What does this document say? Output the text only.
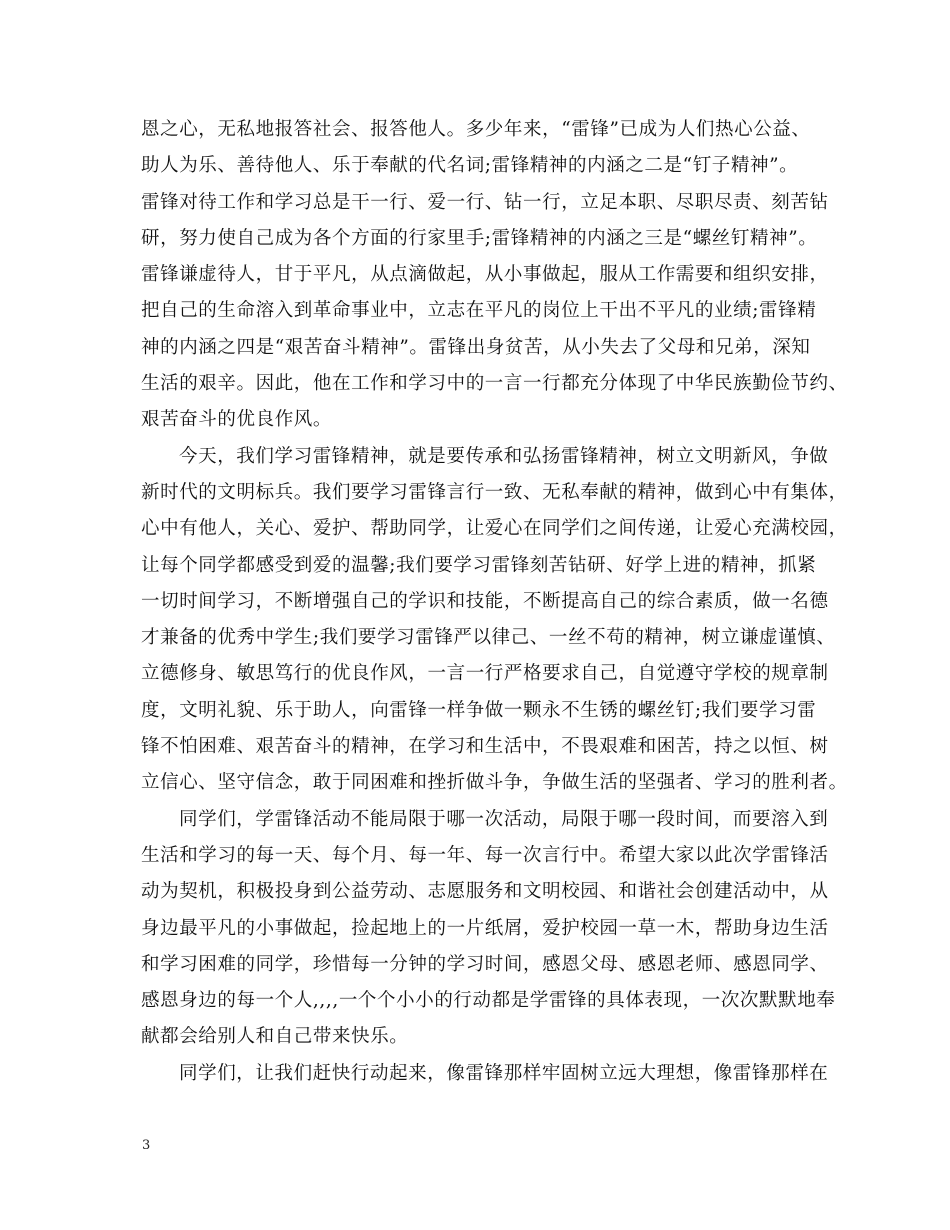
恩之心，无私地报答社会、报答他人。多少年来，“雷锋”已成为人们热心公益、
助人为乐、善待他人、乐于奉献的代名词;雷锋精神的内涵之二是“钉子精神”。
雷锋对待工作和学习总是干一行、爱一行、钻一行，立足本职、尽职尽责、刻苦钻
研，努力使自己成为各个方面的行家里手;雷锋精神的内涵之三是“螺丝钉精神”。
雷锋谦虚待人，甘于平凡，从点滴做起，从小事做起，服从工作需要和组织安排，
把自己的生命溶入到革命事业中，立志在平凡的岗位上干出不平凡的业绩;雷锋精
神的内涵之四是“艰苦奋斗精神”。雷锋出身贫苦，从小失去了父母和兄弟，深知
生活的艰辛。因此，他在工作和学习中的一言一行都充分体现了中华民族勤俭节约、
艰苦奋斗的优良作风。
今天，我们学习雷锋精神，就是要传承和弘扬雷锋精神，树立文明新风，争做
新时代的文明标兵。我们要学习雷锋言行一致、无私奉献的精神，做到心中有集体，
心中有他人，关心、爱护、帮助同学，让爱心在同学们之间传递，让爱心充满校园，
让每个同学都感受到爱的温馨;我们要学习雷锋刻苦钻研、好学上进的精神，抓紧
一切时间学习，不断增强自己的学识和技能，不断提高自己的综合素质，做一名德
才兼备的优秀中学生;我们要学习雷锋严以律己、一丝不苟的精神，树立谦虚谨慎、
立德修身、敏思笃行的优良作风，一言一行严格要求自己，自觉遵守学校的规章制
度，文明礼貌、乐于助人，向雷锋一样争做一颗永不生锈的螺丝钉;我们要学习雷
锋不怕困难、艰苦奋斗的精神，在学习和生活中，不畏艰难和困苦，持之以恒、树
立信心、坚守信念，敢于同困难和挫折做斗争，争做生活的坚强者、学习的胜利者。
同学们，学雷锋活动不能局限于哪一次活动，局限于哪一段时间，而要溶入到
生活和学习的每一天、每个月、每一年、每一次言行中。希望大家以此次学雷锋活
动为契机，积极投身到公益劳动、志愿服务和文明校园、和谐社会创建活动中，从
身边最平凡的小事做起，捡起地上的一片纸屑，爱护校园一草一木，帮助身边生活
和学习困难的同学，珍惜每一分钟的学习时间，感恩父母、感恩老师、感恩同学、
感恩身边的每一个人,,,,一个个小小的行动都是学雷锋的具体表现，一次次默默地奉
献都会给别人和自己带来快乐。
同学们，让我们赶快行动起来，像雷锋那样牢固树立远大理想，像雷锋那样在
3
